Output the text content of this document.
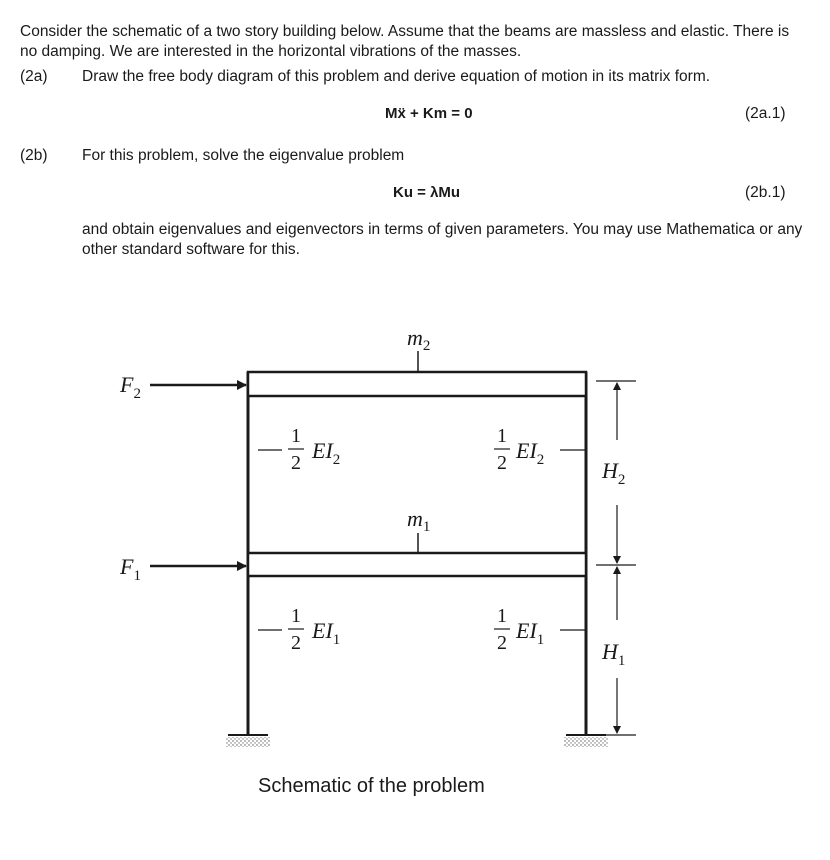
Consider the schematic of a two story building below. Assume that the beams are massless and elastic. There is
no damping. We are interested in the horizontal vibrations of the masses.
(2a) Draw the free body diagram of this problem and derive equation of motion in its matrix form.
Mẍ + Km = 0	(2a.1)
(2b) For this problem, solve the eigenvalue problem
Ku = λMu	(2b.1)
and obtain eigenvalues and eigenvectors in terms of given parameters. You may use Mathematica or any
other standard software for this.
$m_2$
$m_1$
$F_2$
$F_1$
1
2 $EI_2$
1
2 $EI_2$
1
2 $EI_1$
1
2 $EI_1$
$H_2$
$H_1$
Schematic of the problem
